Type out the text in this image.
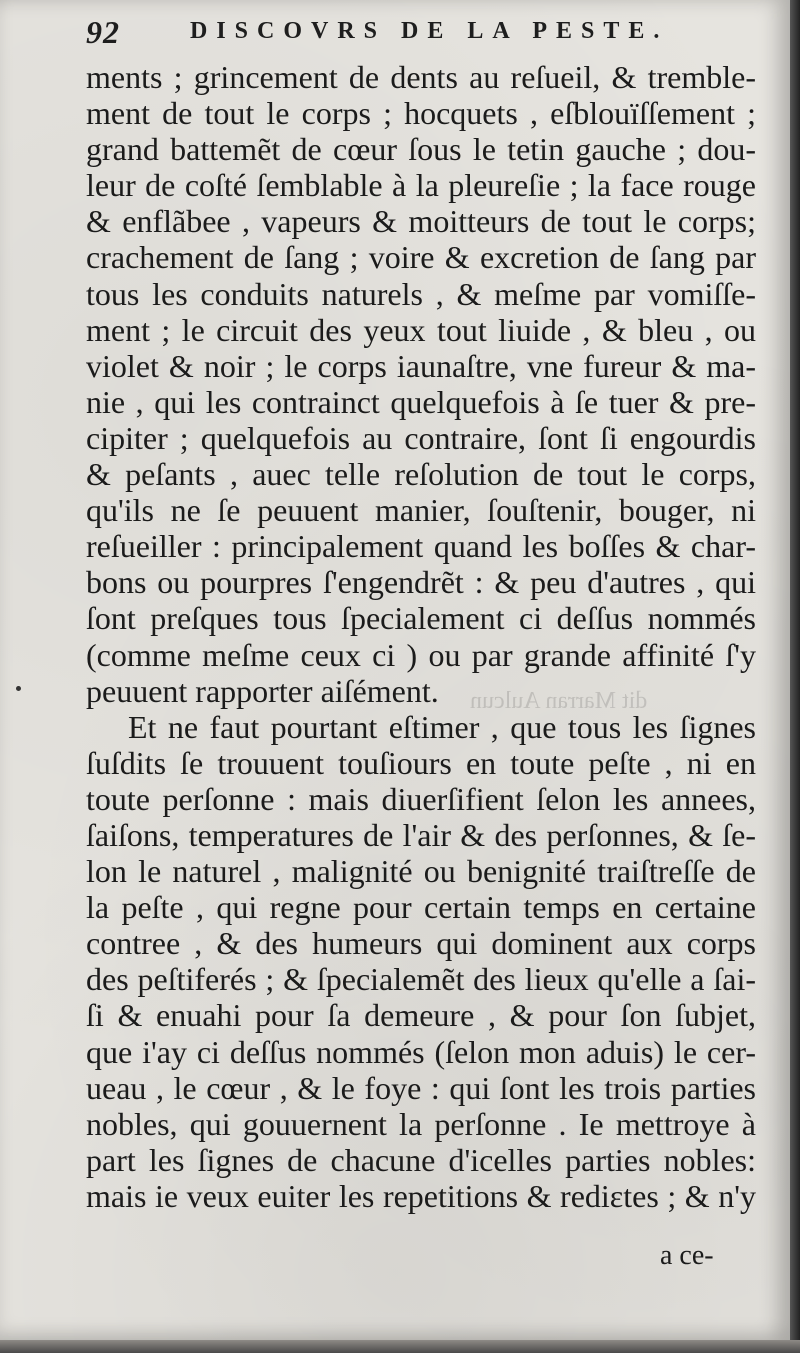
92	DISCOVRS DE LA PESTE.
ments ; grincement de dents au reſueil, & tremble-
ment de tout le corps ; hocquets , eſblouïſſement ;
grand battemẽt de cœur ſous le tetin gauche ; dou-
leur de coſté ſemblable à la pleureſie ; la face rouge
& enflãbee , vapeurs & moitteurs de tout le corps;
crachement de ſang ; voire & excretion de ſang par
tous les conduits naturels , & meſme par vomiſſe-
ment ; le circuit des yeux tout liuide , & bleu , ou
violet & noir ; le corps iaunaſtre, vne fureur & ma-
nie , qui les contrainct quelquefois à ſe tuer & pre-
cipiter ; quelquefois au contraire, ſont ſi engourdis
& peſants , auec telle reſolution de tout le corps,
qu'ils ne ſe peuuent manier, ſouſtenir, bouger, ni
reſueiller : principalement quand les boſſes & char-
bons ou pourpres ſ'engendrẽt : & peu d'autres , qui
ſont preſques tous ſpecialement ci deſſus nommés
(comme meſme ceux ci ) ou par grande affinité ſ'y
peuuent rapporter aiſément.
Et ne faut pourtant eſtimer , que tous les ſignes
ſuſdits ſe trouuent touſiours en toute peſte , ni en
toute perſonne : mais diuerſifient ſelon les annees,
ſaiſons, temperatures de l'air & des perſonnes, & ſe-
lon le naturel , malignité ou benignité traiſtreſſe de
la peſte , qui regne pour certain temps en certaine
contree , & des humeurs qui dominent aux corps
des peſtiferés ; & ſpecialemẽt des lieux qu'elle a ſai-
ſi & enuahi pour ſa demeure , & pour ſon ſubjet,
que i'ay ci deſſus nommés (ſelon mon aduis) le cer-
ueau , le cœur , & le foye : qui ſont les trois parties
nobles, qui gouuernent la perſonne . Ie mettroye à
part les ſignes de chacune d'icelles parties nobles:
mais ie veux euiter les repetitions & rediɛtes ; & n'y
dit Marran Aulcun
a ce-
